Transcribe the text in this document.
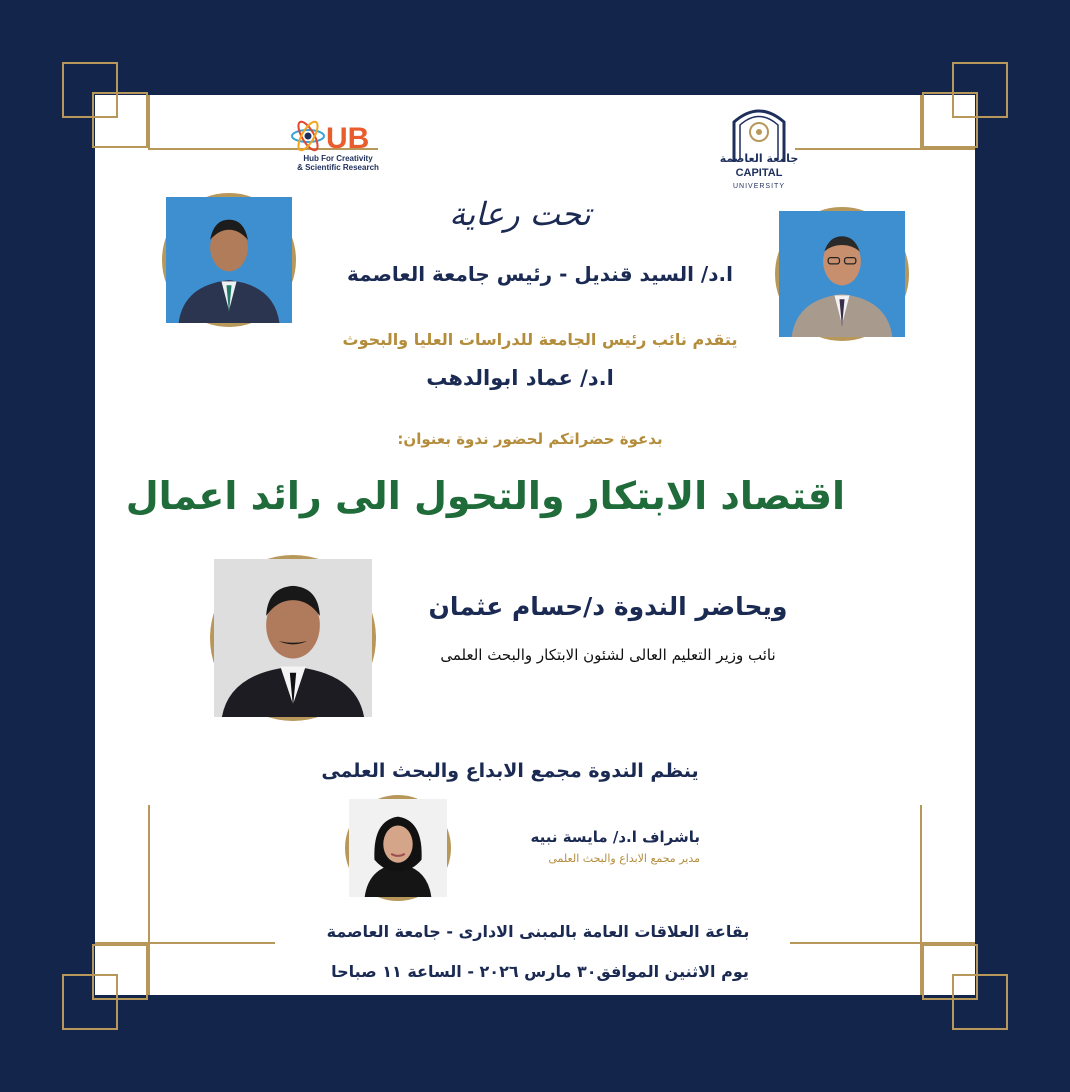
UB
Hub For Creativity
& Scientific Research
جامعة العاصمة
CAPITAL
UNIVERSITY
تحت رعاية
ا.د/ السيد قنديل - رئيس جامعة العاصمة
يتقدم نائب رئيس الجامعة للدراسات العليا والبحوث
ا.د/ عماد ابوالدهب
بدعوة حضراتكم لحضور ندوة بعنوان:
اقتصاد الابتكار والتحول الى رائد اعمال
ويحاضر الندوة د/حسام عثمان
نائب وزير التعليم العالى لشئون الابتكار والبحث العلمى
ينظم الندوة مجمع الابداع والبحث العلمى
باشراف ا.د/ مايسة نبيه
مدير مجمع الابداع والبحث العلمى
بقاعة العلاقات العامة بالمبنى الادارى - جامعة العاصمة
يوم الاثنين الموافق٣٠ مارس ٢٠٢٦ - الساعة ١١ صباحا
